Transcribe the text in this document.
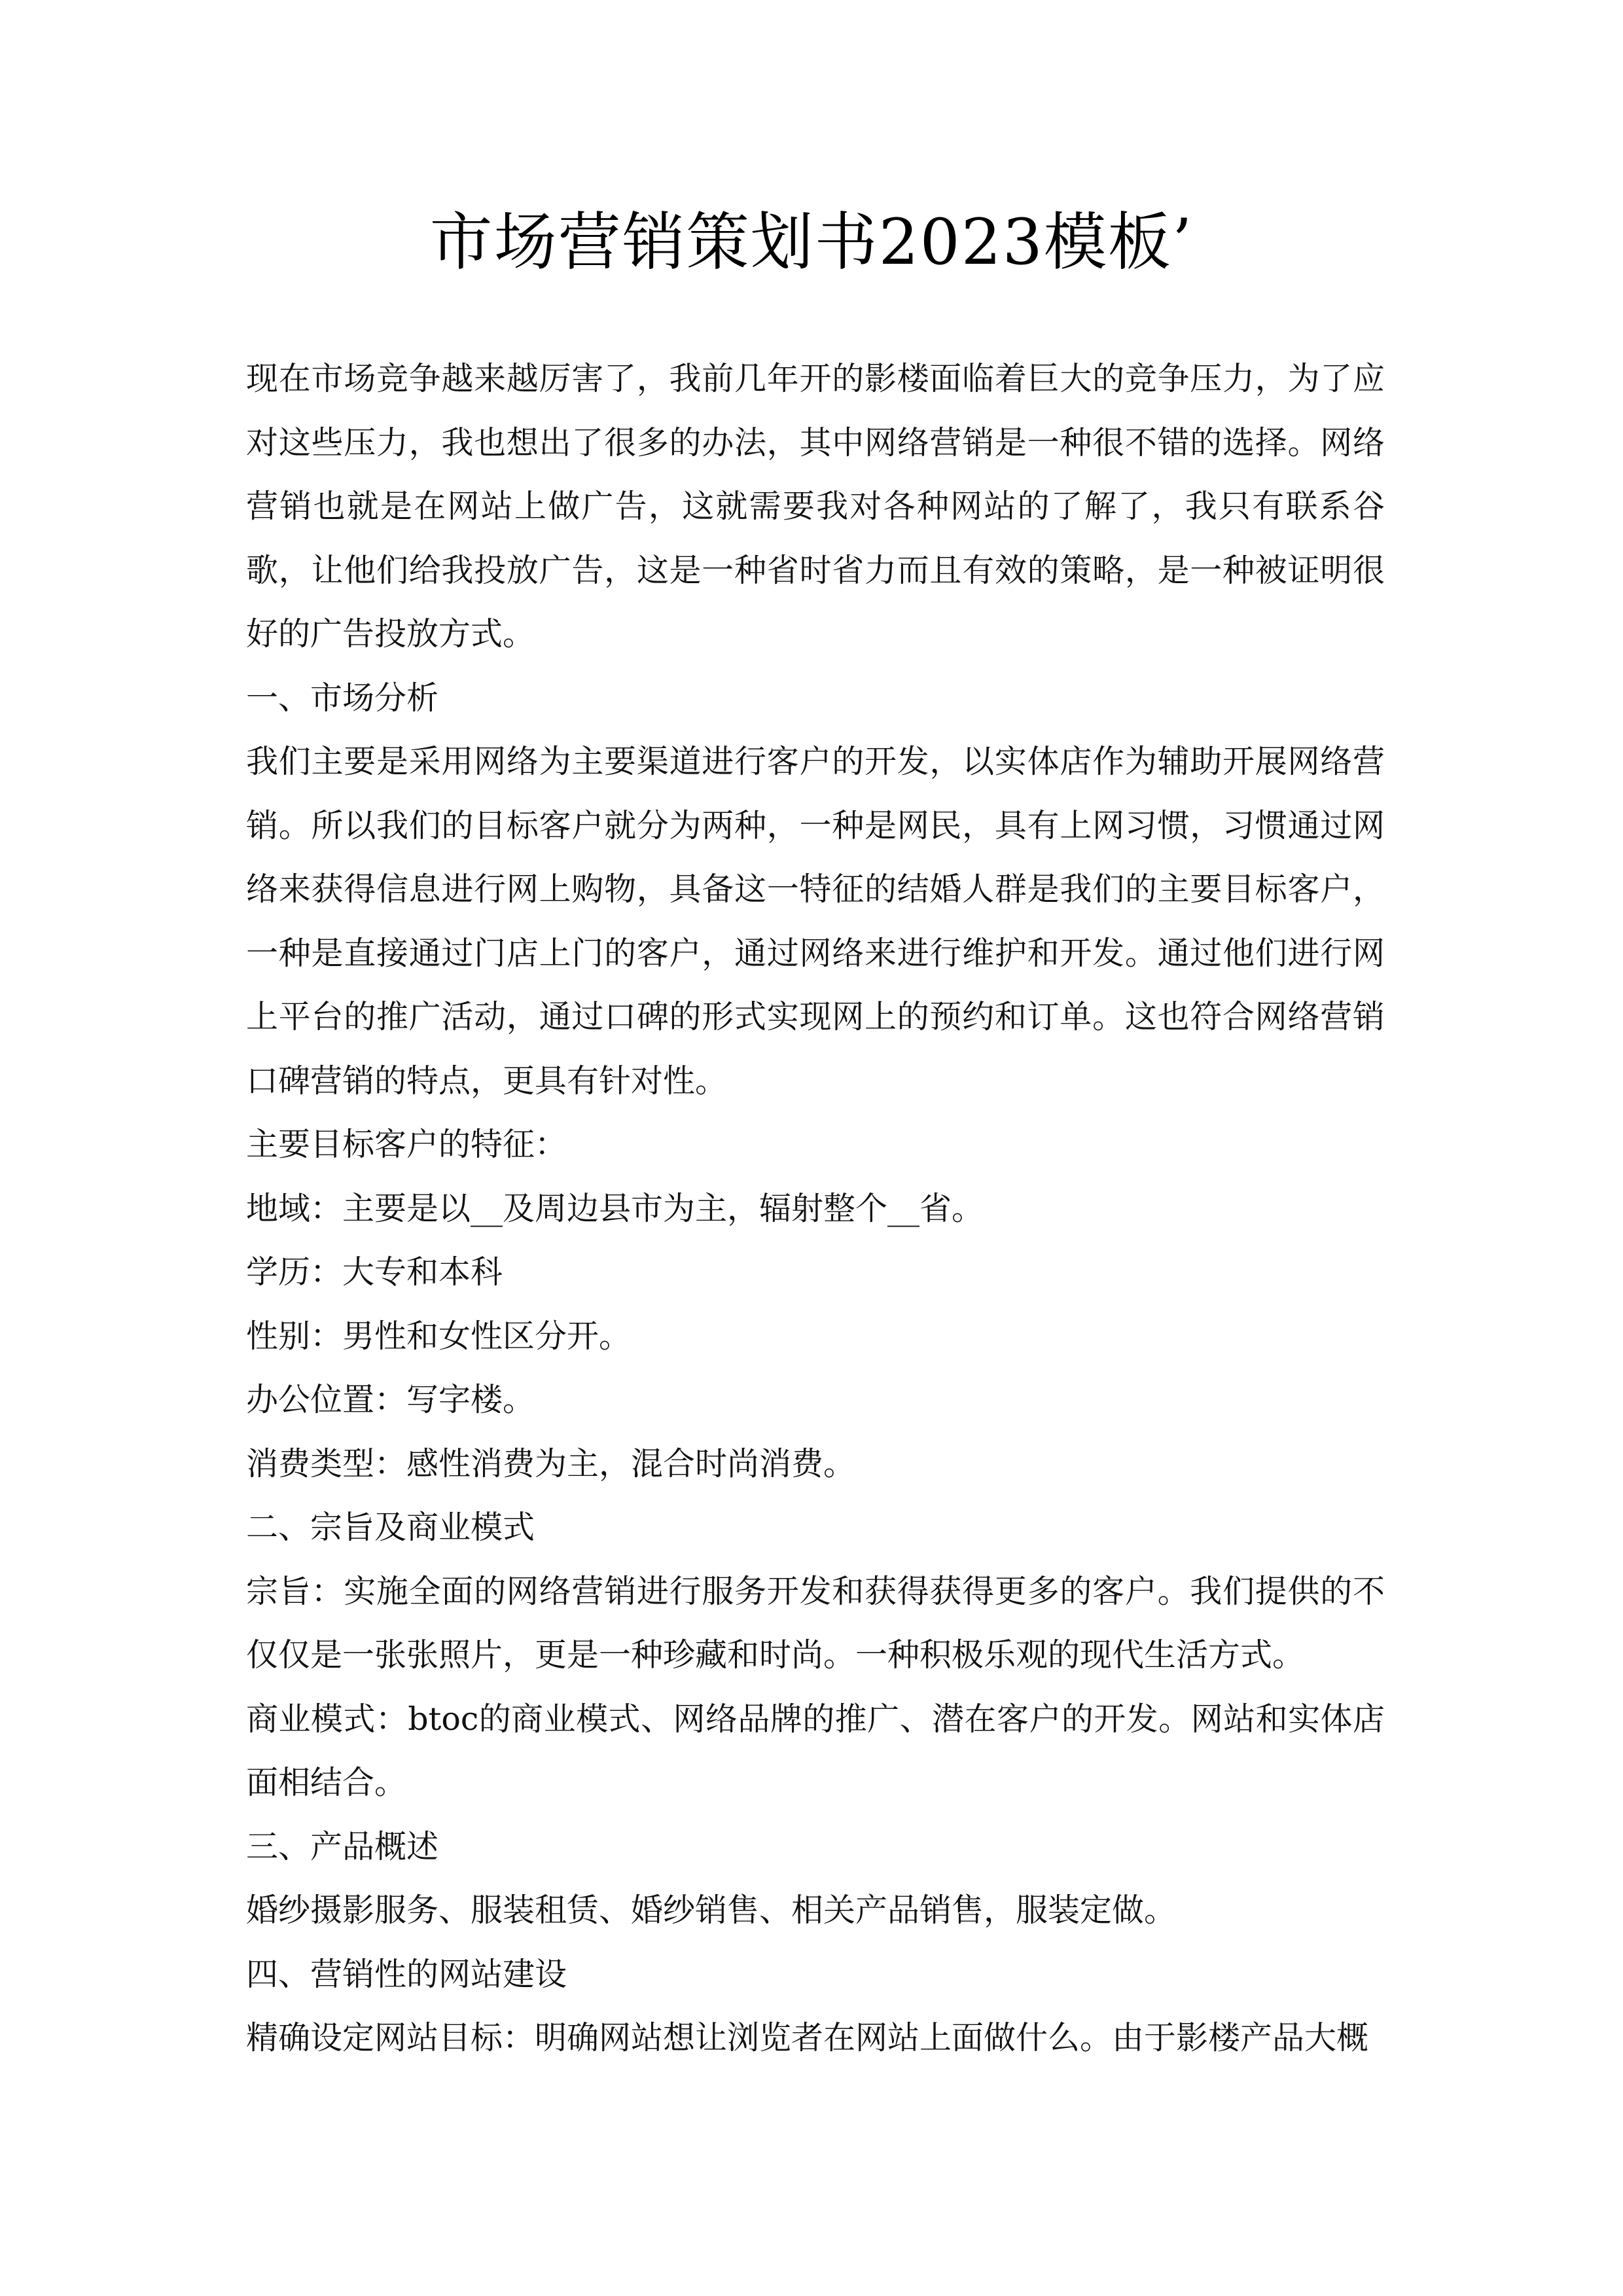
市场营销策划书2023模板’

现在市场竞争越来越厉害了，我前几年开的影楼面临着巨大的竞争压力，为了应对这些压力，我也想出了很多的办法，其中网络营销是一种很不错的选择。网络营销也就是在网站上做广告，这就需要我对各种网站的了解了，我只有联系谷歌，让他们给我投放广告，这是一种省时省力而且有效的策略，是一种被证明很好的广告投放方式。

一、市场分析

我们主要是采用网络为主要渠道进行客户的开发，以实体店作为辅助开展网络营销。所以我们的目标客户就分为两种，一种是网民，具有上网习惯，习惯通过网络来获得信息进行网上购物，具备这一特征的结婚人群是我们的主要目标客户，一种是直接通过门店上门的客户，通过网络来进行维护和开发。通过他们进行网上平台的推广活动，通过口碑的形式实现网上的预约和订单。这也符合网络营销口碑营销的特点，更具有针对性。

主要目标客户的特征：

地域：主要是以__及周边县市为主，辐射整个__省。

学历：大专和本科

性别：男性和女性区分开。

办公位置：写字楼。

消费类型：感性消费为主，混合时尚消费。

二、宗旨及商业模式

宗旨：实施全面的网络营销进行服务开发和获得获得更多的客户。我们提供的不仅仅是一张张照片，更是一种珍藏和时尚。一种积极乐观的现代生活方式。

商业模式：btoc的商业模式、网络品牌的推广、潜在客户的开发。网站和实体店面相结合。

三、产品概述

婚纱摄影服务、服装租赁、婚纱销售、相关产品销售，服装定做。

四、营销性的网站建设

精确设定网站目标：明确网站想让浏览者在网站上面做什么。由于影楼产品大概
